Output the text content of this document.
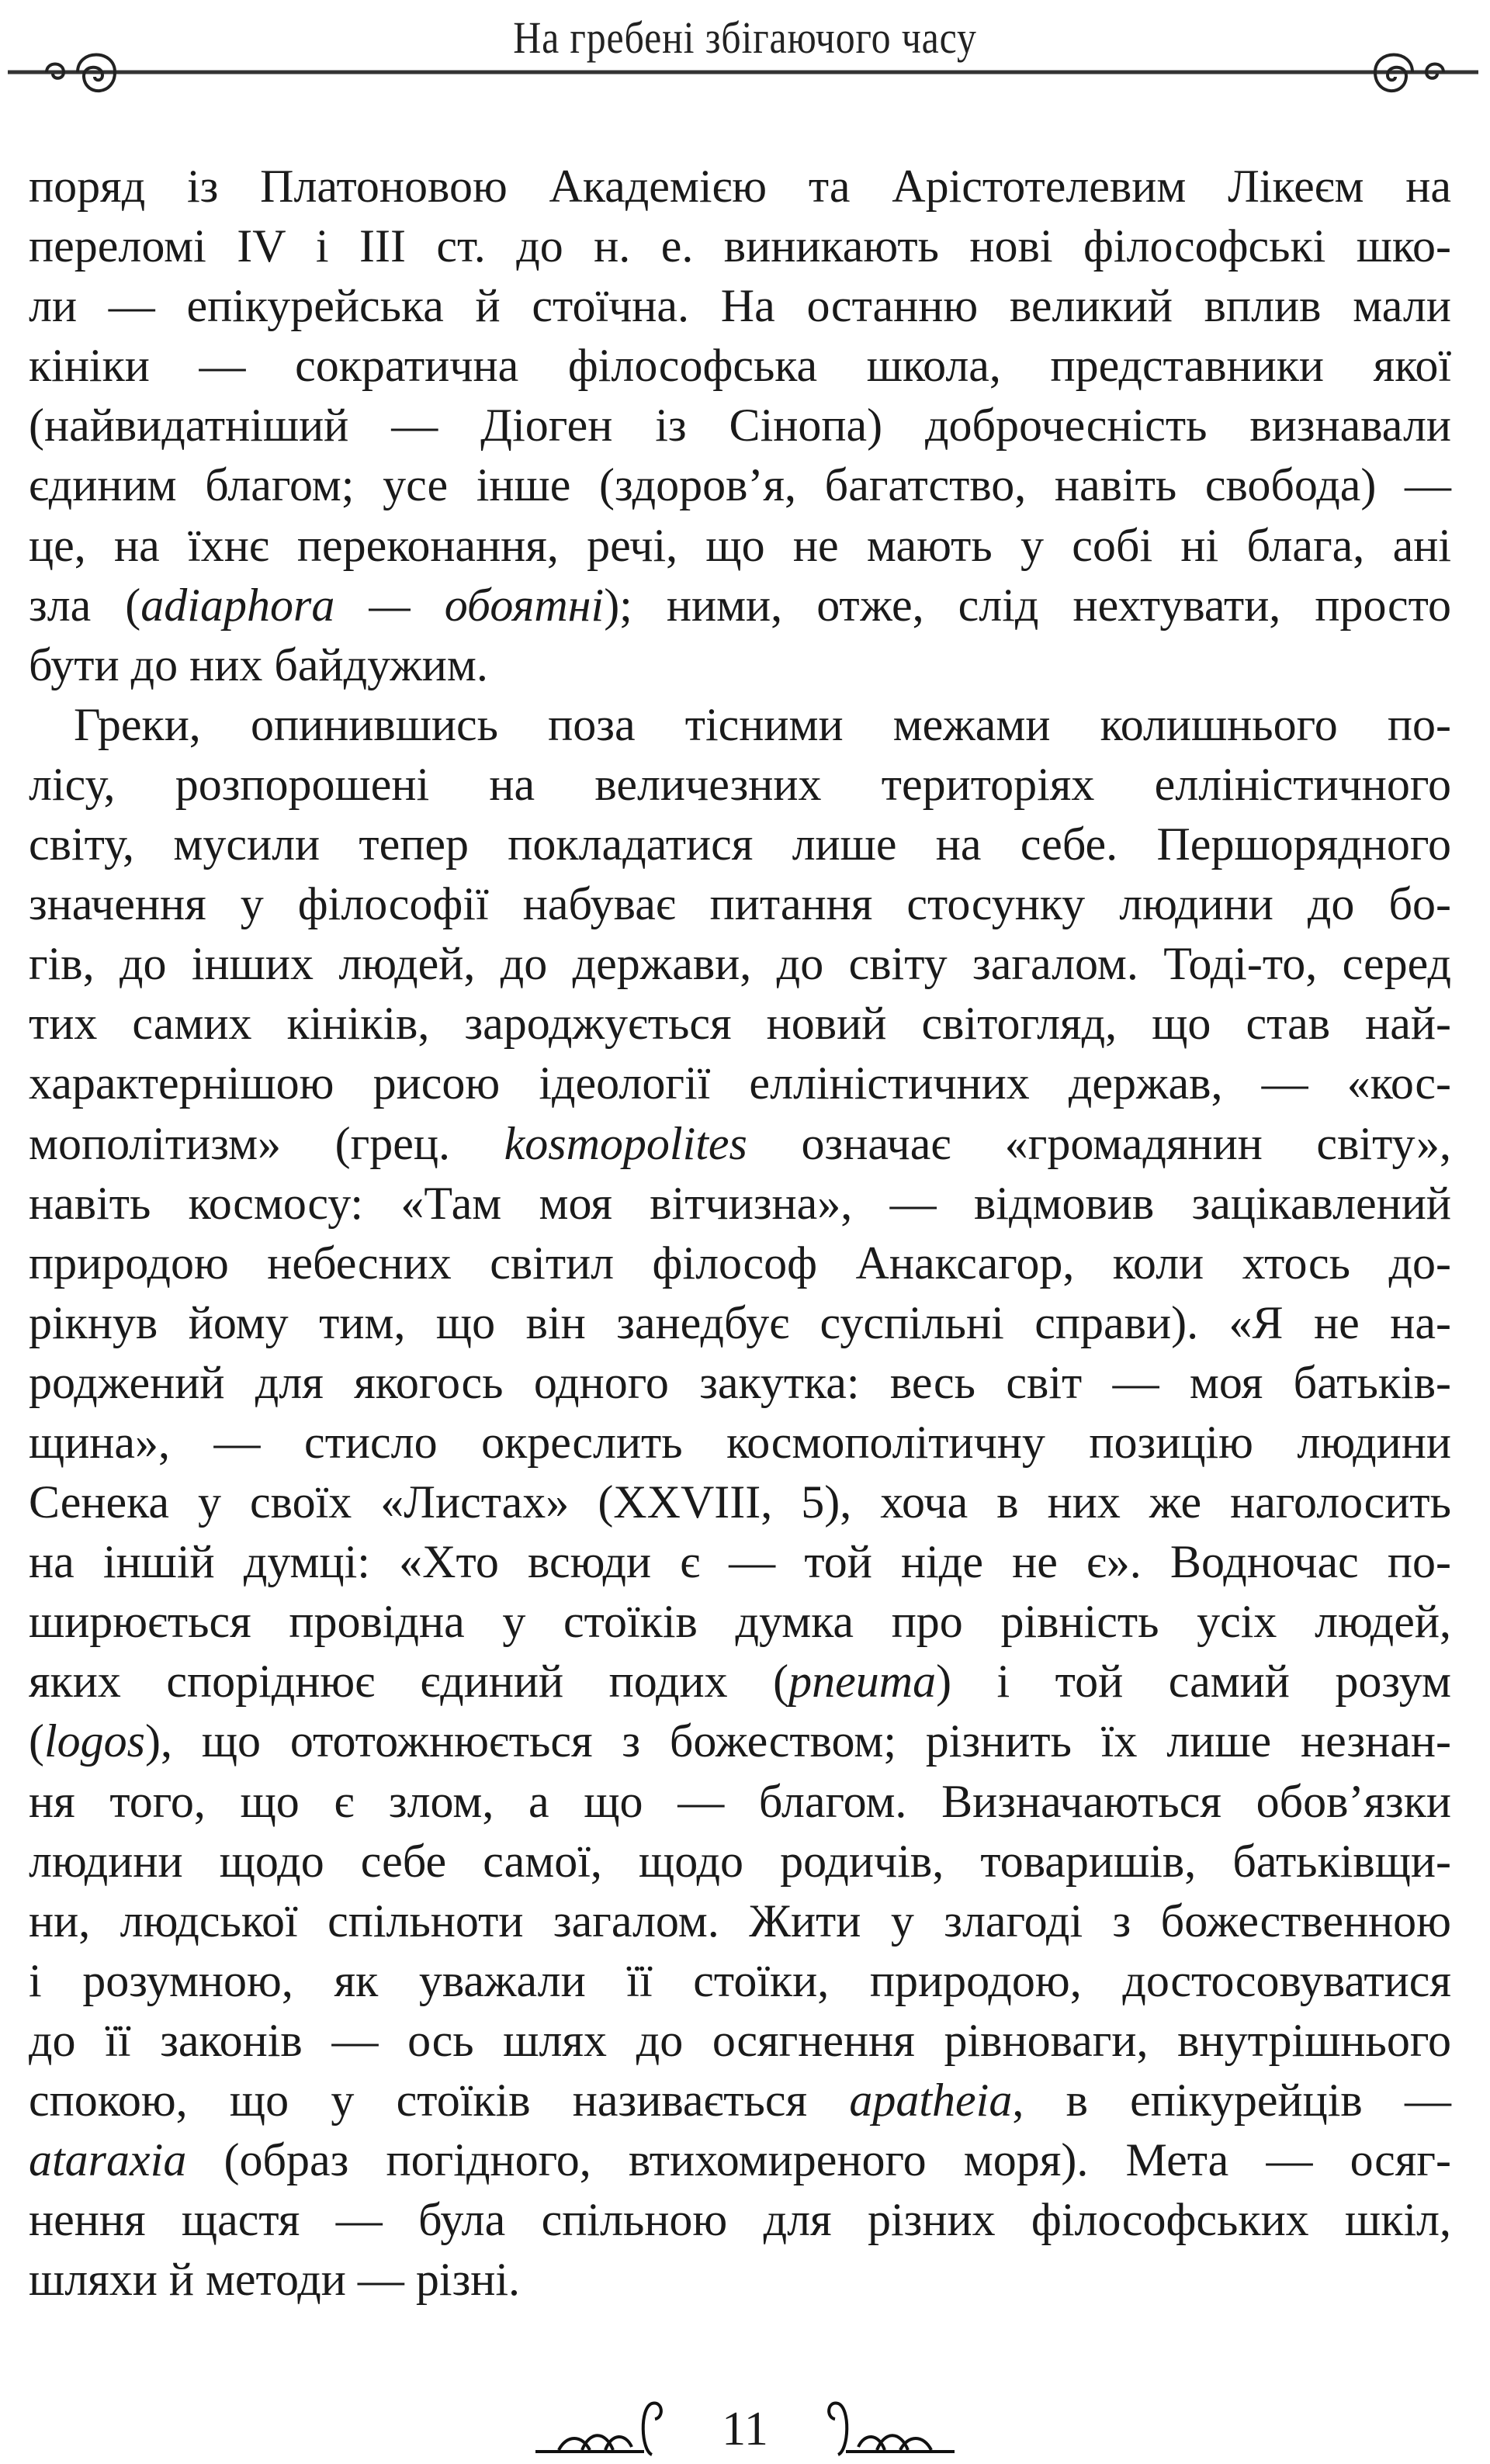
На гребені збігаючого часу
поряд із Платоновою Академією та Арістотелевим Лікеєм на
переломі IV і III ст. до н. е. виникають нові філософські шко-
ли — епікурейська й стоїчна. На останню великий вплив мали
кініки — сократична філософська школа, представники якої
(найвидатніший — Діоген із Сінопа) доброчесність визнавали
єдиним благом; усе інше (здоров’я, багатство, навіть свобода) —
це, на їхнє переконання, речі, що не мають у собі ні блага, ані
зла (adiaphora — обоятні); ними, отже, слід нехтувати, просто
бути до них байдужим.
Греки, опинившись поза тісними межами колишнього по-
лісу, розпорошені на величезних територіях елліністичного
світу, мусили тепер покладатися лише на себе. Першорядного
значення у філософії набуває питання стосунку людини до бо-
гів, до інших людей, до держави, до світу загалом. Тоді-то, серед
тих самих кініків, зароджується новий світогляд, що став най-
характернішою рисою ідеології елліністичних держав, — «кос-
мополітизм» (грец. kosmopolites означає «громадянин світу»,
навіть космосу: «Там моя вітчизна», — відмовив зацікавлений
природою небесних світил філософ Анаксагор, коли хтось до-
рікнув йому тим, що він занедбує суспільні справи). «Я не на-
роджений для якогось одного закутка: весь світ — моя батьків-
щина», — стисло окреслить космополітичну позицію людини
Сенека у своїх «Листах» (XXVIII, 5), хоча в них же наголосить
на іншій думці: «Хто всюди є — той ніде не є». Водночас по-
ширюється провідна у стоїків думка про рівність усіх людей,
яких споріднює єдиний подих (pneuma) і той самий розум
(logos), що ототожнюється з божеством; різнить їх лише незнан-
ня того, що є злом, а що — благом. Визначаються обов’язки
людини щодо себе самої, щодо родичів, товаришів, батьківщи-
ни, людської спільноти загалом. Жити у злагоді з божественною
і розумною, як уважали її стоїки, природою, достосовуватися
до її законів — ось шлях до осягнення рівноваги, внутрішнього
спокою, що у стоїків називається apatheia, в епікурейців —
ataraxia (образ погідного, втихомиреного моря). Мета — осяг-
нення щастя — була спільною для різних філософських шкіл,
шляхи й методи — різні.
11
